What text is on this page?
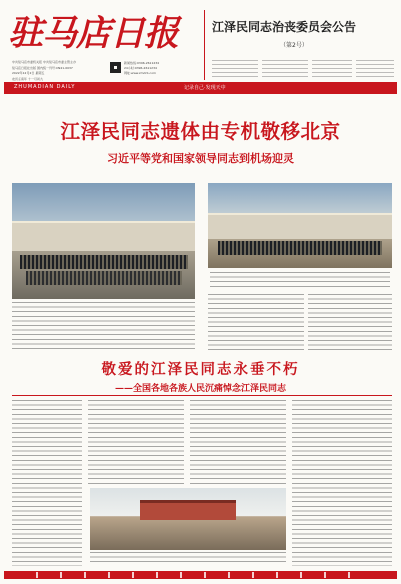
驻马店日报
中共驻马店市委机关报 中共驻马店市委主管主办
驻马店日报社出版 国内统一刊号:CN41-0037
2022年12月2日 星期五
农历壬寅年 十一月初九
新闻热线:0396-2611234
24小时:0396-2611234
网址:www.zmdrb.com
江泽民同志治丧委员会公告
（第2号）
ZHUMADIAN DAILY	记录自己·发现天中
江泽民同志遗体由专机敬移北京
习近平等党和国家领导同志到机场迎灵
敬爱的江泽民同志永垂不朽
——全国各地各族人民沉痛悼念江泽民同志
